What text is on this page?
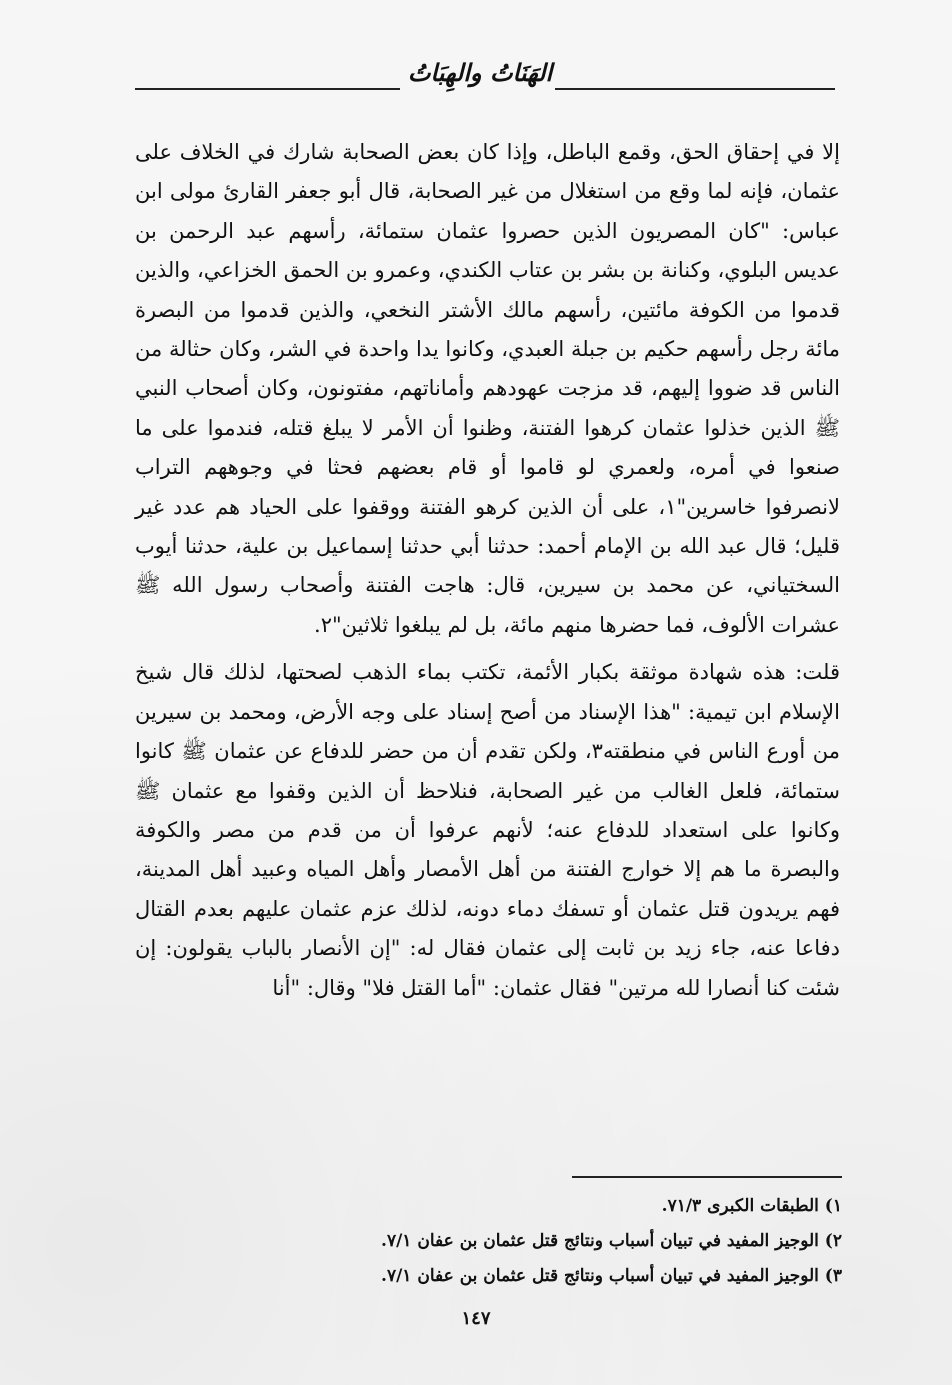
الهَنَاتُ والهِبَاتُ

إلا في إحقاق الحق، وقمع الباطل، وإذا كان بعض الصحابة شارك في الخلاف على عثمان، فإنه لما وقع من استغلال من غير الصحابة، قال أبو جعفر القارئ مولى ابن عباس: "كان المصريون الذين حصروا عثمان ستمائة، رأسهم عبد الرحمن بن عديس البلوي، وكنانة بن بشر بن عتاب الكندي، وعمرو بن الحمق الخزاعي، والذين قدموا من الكوفة مائتين، رأسهم مالك الأشتر النخعي، والذين قدموا من البصرة مائة رجل رأسهم حكيم بن جبلة العبدي، وكانوا يدا واحدة في الشر، وكان حثالة من الناس قد ضووا إليهم، قد مزجت عهودهم وأماناتهم، مفتونون، وكان أصحاب النبي ﷺ الذين خذلوا عثمان كرهوا الفتنة، وظنوا أن الأمر لا يبلغ قتله، فندموا على ما صنعوا في أمره، ولعمري لو قاموا أو قام بعضهم فحثا في وجوههم التراب لانصرفوا خاسرين"١، على أن الذين كرهو الفتنة ووقفوا على الحياد هم عدد غير قليل؛ قال عبد الله بن الإمام أحمد: حدثنا أبي حدثنا إسماعيل بن علية، حدثنا أيوب السختياني، عن محمد بن سيرين، قال: هاجت الفتنة وأصحاب رسول الله ﷺ عشرات الألوف، فما حضرها منهم مائة، بل لم يبلغوا ثلاثين"٢.

قلت: هذه شهادة موثقة بكبار الأئمة، تكتب بماء الذهب لصحتها، لذلك قال شيخ الإسلام ابن تيمية: "هذا الإسناد من أصح إسناد على وجه الأرض، ومحمد بن سيرين من أورع الناس في منطقته٣، ولكن تقدم أن من حضر للدفاع عن عثمان ﷺ كانوا ستمائة، فلعل الغالب من غير الصحابة، فنلاحظ أن الذين وقفوا مع عثمان ﷺ وكانوا على استعداد للدفاع عنه؛ لأنهم عرفوا أن من قدم من مصر والكوفة والبصرة ما هم إلا خوارج الفتنة من أهل الأمصار وأهل المياه وعبيد أهل المدينة، فهم يريدون قتل عثمان أو تسفك دماء دونه، لذلك عزم عثمان عليهم بعدم القتال دفاعا عنه، جاء زيد بن ثابت إلى عثمان فقال له: "إن الأنصار بالباب يقولون: إن شئت كنا أنصارا لله مرتين" فقال عثمان: "أما القتل فلا" وقال: "أنا

١) الطبقات الكبرى ٧١/٣.

٢) الوجيز المفيد في تبيان أسباب ونتائج قتل عثمان بن عفان ٧/١.

٣) الوجيز المفيد في تبيان أسباب ونتائج قتل عثمان بن عفان ٧/١.

١٤٧
